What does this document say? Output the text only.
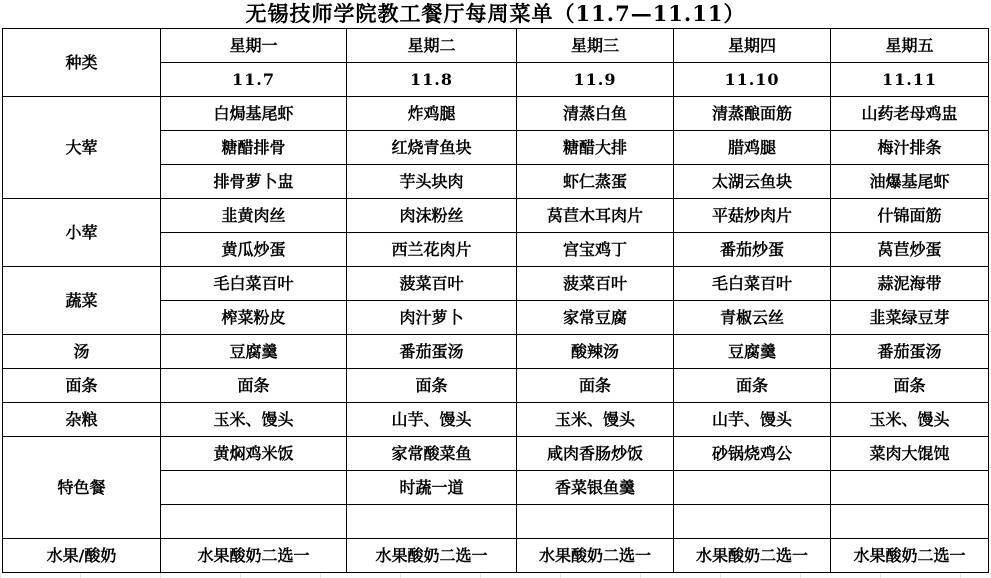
无锡技师学院教工餐厅每周菜单（11.7—11.11）
种类	星期一	星期二	星期三	星期四	星期五
	11.7	11.8	11.9	11.10	11.11
大荤	白焗基尾虾	炸鸡腿	清蒸白鱼	清蒸酿面筋	山药老母鸡盅
	糖醋排骨	红烧青鱼块	糖醋大排	腊鸡腿	梅汁排条
	排骨萝卜盅	芋头块肉	虾仁蒸蛋	太湖云鱼块	油爆基尾虾
小荤	韭黄肉丝	肉沫粉丝	莴苣木耳肉片	平菇炒肉片	什锦面筋
	黄瓜炒蛋	西兰花肉片	宫宝鸡丁	番茄炒蛋	莴苣炒蛋
蔬菜	毛白菜百叶	菠菜百叶	菠菜百叶	毛白菜百叶	蒜泥海带
	榨菜粉皮	肉汁萝卜	家常豆腐	青椒云丝	韭菜绿豆芽
汤	豆腐羹	番茄蛋汤	酸辣汤	豆腐羹	番茄蛋汤
面条	面条	面条	面条	面条	面条
杂粮	玉米、馒头	山芋、馒头	玉米、馒头	山芋、馒头	玉米、馒头
特色餐	黄焖鸡米饭	家常酸菜鱼	咸肉香肠炒饭	砂锅烧鸡公	菜肉大馄饨
		时蔬一道	香菜银鱼羹		

水果/酸奶	水果酸奶二选一	水果酸奶二选一	水果酸奶二选一	水果酸奶二选一	水果酸奶二选一
